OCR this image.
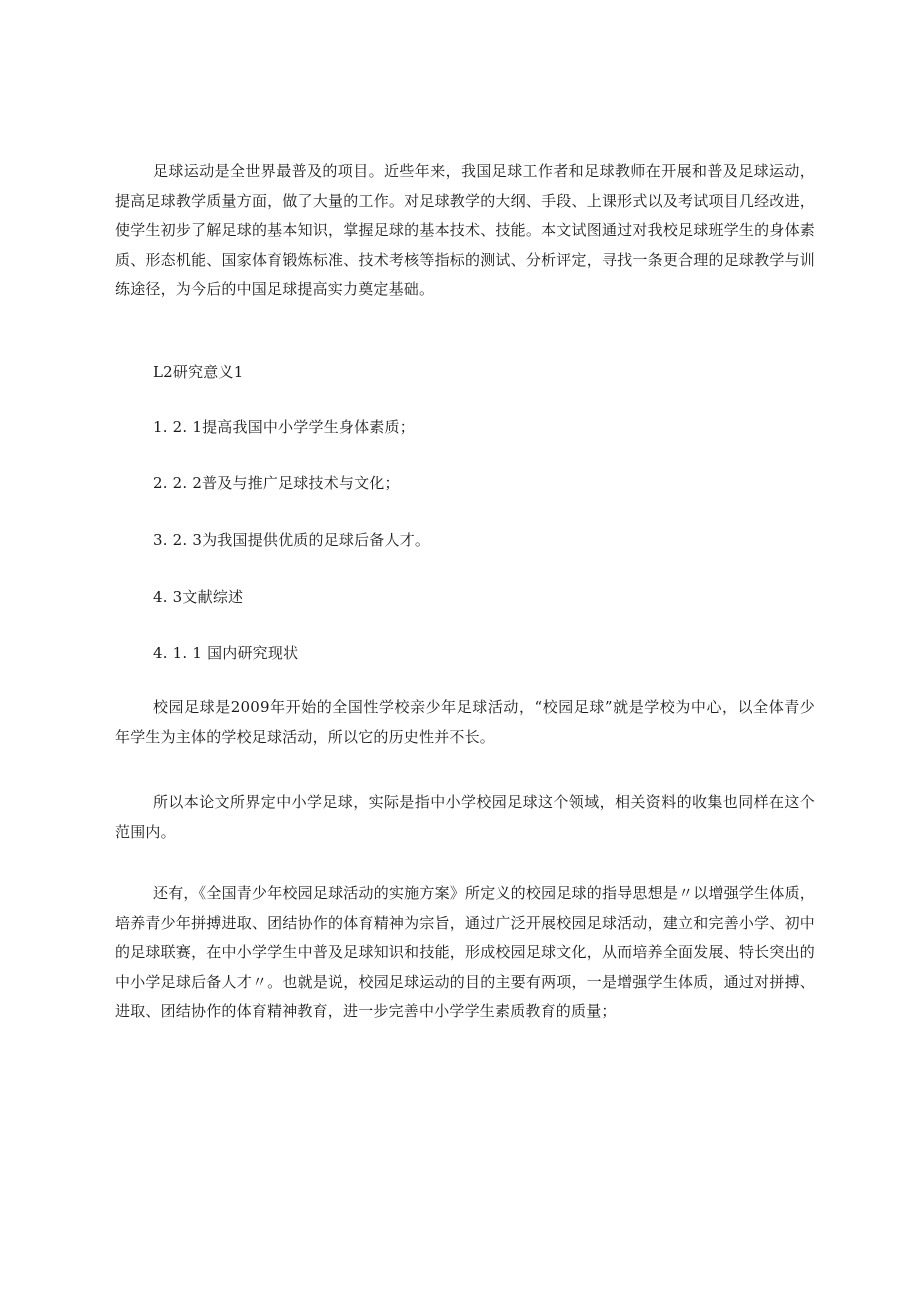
足球运动是全世界最普及的项目。近些年来，我国足球工作者和足球教师在开展和普及足球运动，提高足球教学质量方面，做了大量的工作。对足球教学的大纲、手段、上课形式以及考试项目几经改进，使学生初步了解足球的基本知识，掌握足球的基本技术、技能。本文试图通过对我校足球班学生的身体素质、形态机能、国家体育锻炼标准、技术考核等指标的测试、分析评定，寻找一条更合理的足球教学与训练途径，为今后的中国足球提高实力奠定基础。

L2研究意义1

1. 2. 1提高我国中小学学生身体素质；

2. 2. 2普及与推广足球技术与文化；

3. 2. 3为我国提供优质的足球后备人才。

4. 3文献综述

4. 1. 1 国内研究现状

校园足球是2009年开始的全国性学校亲少年足球活动，“校园足球”就是学校为中心，以全体青少年学生为主体的学校足球活动，所以它的历史性并不长。

所以本论文所界定中小学足球，实际是指中小学校园足球这个领域，相关资料的收集也同样在这个范围内。

还有，《全国青少年校园足球活动的实施方案》所定义的校园足球的指导思想是〃以增强学生体质，培养青少年拼搏进取、团结协作的体育精神为宗旨，通过广泛开展校园足球活动，建立和完善小学、初中的足球联赛，在中小学学生中普及足球知识和技能，形成校园足球文化，从而培养全面发展、特长突出的中小学足球后备人才〃。也就是说，校园足球运动的目的主要有两项，一是增强学生体质，通过对拼搏、进取、团结协作的体育精神教育，进一步完善中小学学生素质教育的质量；
